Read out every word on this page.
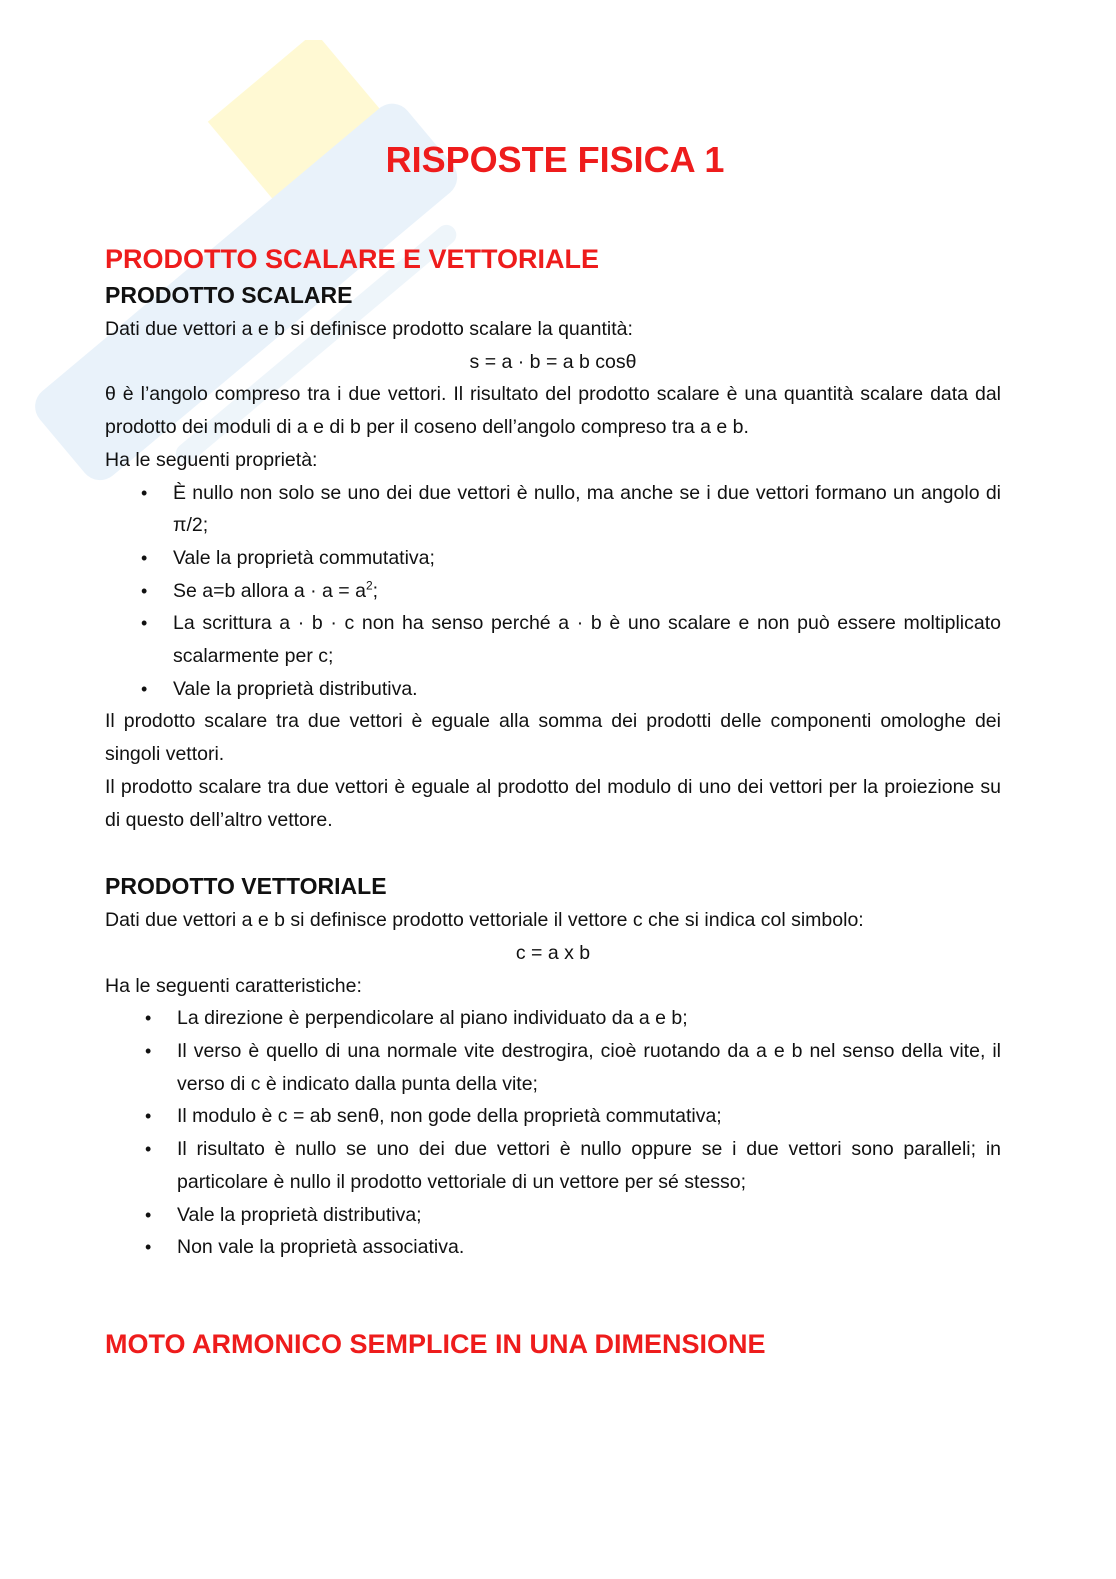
RISPOSTE FISICA 1
PRODOTTO SCALARE E VETTORIALE
PRODOTTO SCALARE

Dati due vettori a e b si definisce prodotto scalare la quantità:

s = a · b = a b cosθ

θ è l’angolo compreso tra i due vettori. Il risultato del prodotto scalare è una quantità scalare data dal prodotto dei moduli di a e di b per il coseno dell’angolo compreso tra a e b.

Ha le seguenti proprietà:

• È nullo non solo se uno dei due vettori è nullo, ma anche se i due vettori formano un angolo di π/2;
• Vale la proprietà commutativa;
• Se a=b allora $a \cdot a = a^2$;
• La scrittura a · b · c non ha senso perché a · b è uno scalare e non può essere moltiplicato scalarmente per c;
• Vale la proprietà distributiva.

Il prodotto scalare tra due vettori è eguale alla somma dei prodotti delle componenti omologhe dei singoli vettori.

Il prodotto scalare tra due vettori è eguale al prodotto del modulo di uno dei vettori per la proiezione su di questo dell’altro vettore.

PRODOTTO VETTORIALE

Dati due vettori a e b si definisce prodotto vettoriale il vettore c che si indica col simbolo:

c = a x b

Ha le seguenti caratteristiche:

• La direzione è perpendicolare al piano individuato da a e b;
• Il verso è quello di una normale vite destrogira, cioè ruotando da a e b nel senso della vite, il verso di c è indicato dalla punta della vite;
• Il modulo è c = ab senθ, non gode della proprietà commutativa;
• Il risultato è nullo se uno dei due vettori è nullo oppure se i due vettori sono paralleli; in particolare è nullo il prodotto vettoriale di un vettore per sé stesso;
• Vale la proprietà distributiva;
• Non vale la proprietà associativa.
MOTO ARMONICO SEMPLICE IN UNA DIMENSIONE
